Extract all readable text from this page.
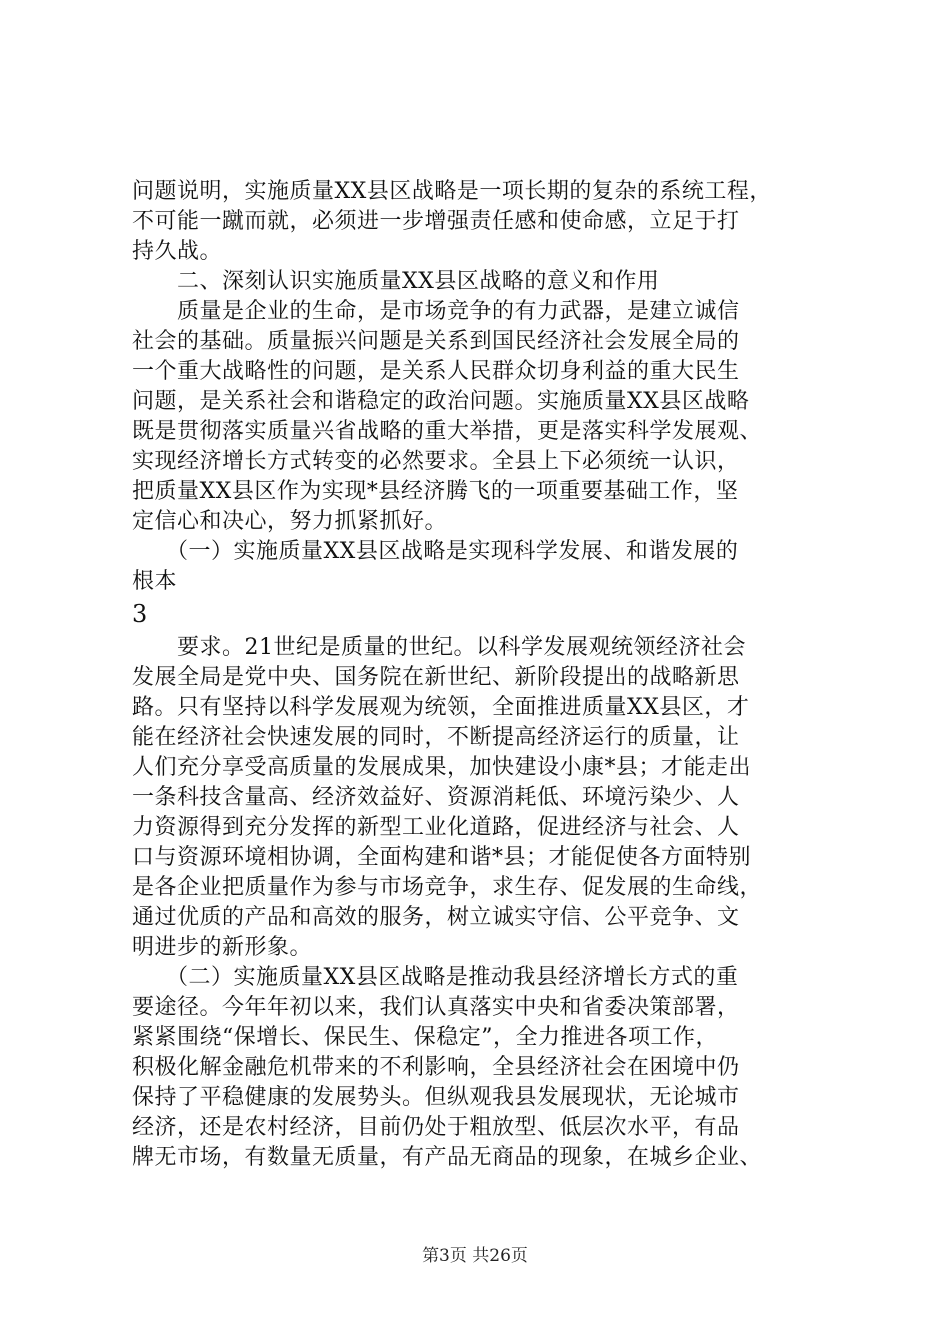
问题说明，实施质量XX县区战略是一项长期的复杂的系统工程，
不可能一蹴而就，必须进一步增强责任感和使命感，立足于打
持久战。
　　二、深刻认识实施质量XX县区战略的意义和作用
　　质量是企业的生命，是市场竞争的有力武器，是建立诚信
社会的基础。质量振兴问题是关系到国民经济社会发展全局的
一个重大战略性的问题，是关系人民群众切身利益的重大民生
问题，是关系社会和谐稳定的政治问题。实施质量XX县区战略
既是贯彻落实质量兴省战略的重大举措，更是落实科学发展观、
实现经济增长方式转变的必然要求。全县上下必须统一认识，
把质量XX县区作为实现*县经济腾飞的一项重要基础工作，坚
定信心和决心，努力抓紧抓好。
　　（一）实施质量XX县区战略是实现科学发展、和谐发展的
根本
3
　　要求。21世纪是质量的世纪。以科学发展观统领经济社会
发展全局是党中央、国务院在新世纪、新阶段提出的战略新思
路。只有坚持以科学发展观为统领，全面推进质量XX县区，才
能在经济社会快速发展的同时，不断提高经济运行的质量，让
人们充分享受高质量的发展成果，加快建设小康*县；才能走出
一条科技含量高、经济效益好、资源消耗低、环境污染少、人
力资源得到充分发挥的新型工业化道路，促进经济与社会、人
口与资源环境相协调，全面构建和谐*县；才能促使各方面特别
是各企业把质量作为参与市场竞争，求生存、促发展的生命线，
通过优质的产品和高效的服务，树立诚实守信、公平竞争、文
明进步的新形象。
　　（二）实施质量XX县区战略是推动我县经济增长方式的重
要途径。今年年初以来，我们认真落实中央和省委决策部署，
紧紧围绕“保增长、保民生、保稳定”，全力推进各项工作，
积极化解金融危机带来的不利影响，全县经济社会在困境中仍
保持了平稳健康的发展势头。但纵观我县发展现状，无论城市
经济，还是农村经济，目前仍处于粗放型、低层次水平，有品
牌无市场，有数量无质量，有产品无商品的现象，在城乡企业、
第3页 共26页
